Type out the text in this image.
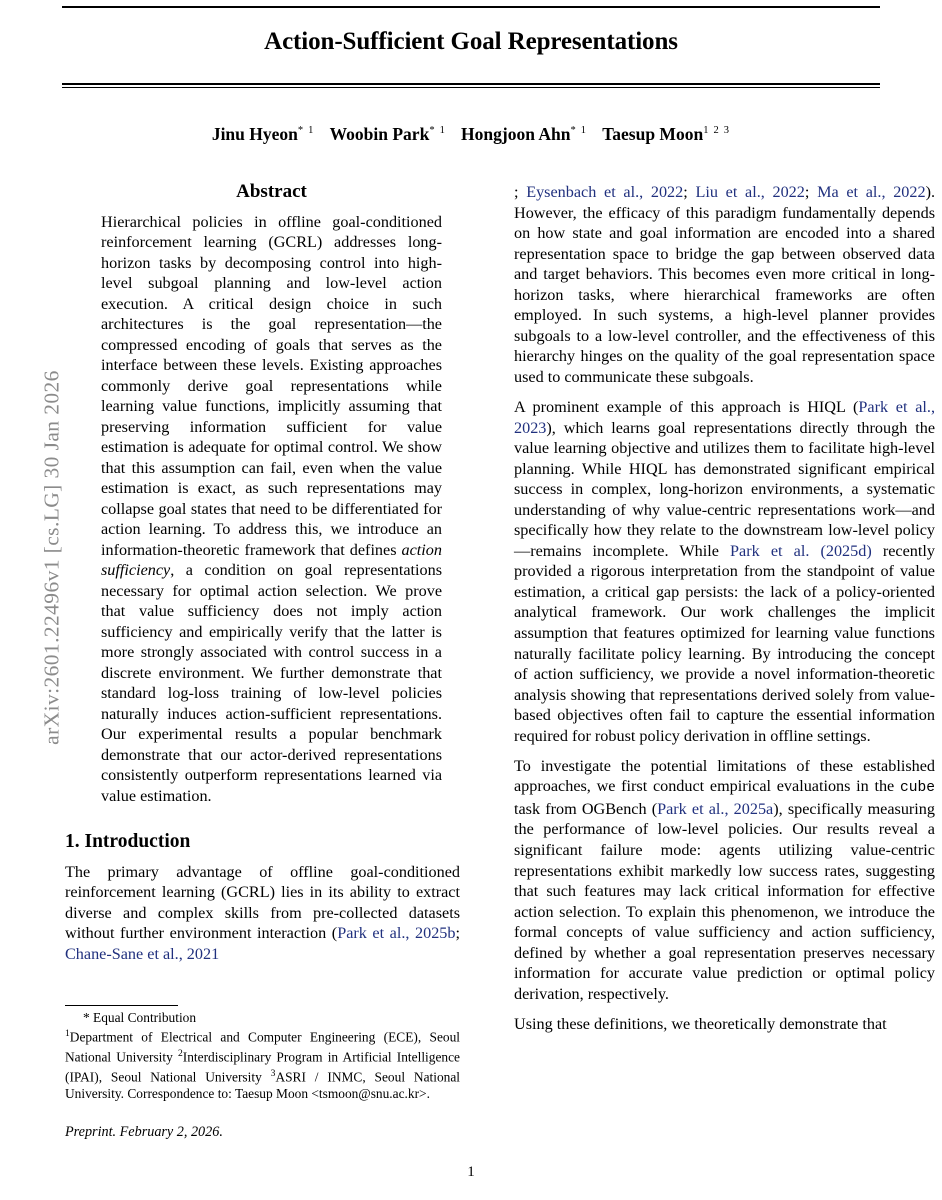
arXiv:2601.22496v1 [cs.LG] 30 Jan 2026
Action-Sufficient Goal Representations
Jinu Hyeon$^{* 1}$ Woobin Park$^{* 1}$ Hongjoon Ahn$^{* 1}$ Taesup Moon$^{1 2 3}$
Abstract

Hierarchical policies in offline goal-conditioned reinforcement learning (GCRL) addresses long-horizon tasks by decomposing control into high-level subgoal planning and low-level action execution. A critical design choice in such architectures is the goal representation—the compressed encoding of goals that serves as the interface between these levels. Existing approaches commonly derive goal representations while learning value functions, implicitly assuming that preserving information sufficient for value estimation is adequate for optimal control. We show that this assumption can fail, even when the value estimation is exact, as such representations may collapse goal states that need to be differentiated for action learning. To address this, we introduce an information-theoretic framework that defines action sufficiency, a condition on goal representations necessary for optimal action selection. We prove that value sufficiency does not imply action sufficiency and empirically verify that the latter is more strongly associated with control success in a discrete environment. We further demonstrate that standard log-loss training of low-level policies naturally induces action-sufficient representations. Our experimental results a popular benchmark demonstrate that our actor-derived representations consistently outperform representations learned via value estimation.

1. Introduction

The primary advantage of offline goal-conditioned reinforcement learning (GCRL) lies in its ability to extract diverse and complex skills from pre-collected datasets without further environment interaction (Park et al., 2025b; Chane-Sane et al., 2021

; Eysenbach et al., 2022; Liu et al., 2022; Ma et al., 2022). However, the efficacy of this paradigm fundamentally depends on how state and goal information are encoded into a shared representation space to bridge the gap between observed data and target behaviors. This becomes even more critical in long-horizon tasks, where hierarchical frameworks are often employed. In such systems, a high-level planner provides subgoals to a low-level controller, and the effectiveness of this hierarchy hinges on the quality of the goal representation space used to communicate these subgoals.

A prominent example of this approach is HIQL (Park et al., 2023), which learns goal representations directly through the value learning objective and utilizes them to facilitate high-level planning. While HIQL has demonstrated significant empirical success in complex, long-horizon environments, a systematic understanding of why value-centric representations work—and specifically how they relate to the downstream low-level policy—remains incomplete. While Park et al. (2025d) recently provided a rigorous interpretation from the standpoint of value estimation, a critical gap persists: the lack of a policy-oriented analytical framework. Our work challenges the implicit assumption that features optimized for learning value functions naturally facilitate policy learning. By introducing the concept of action sufficiency, we provide a novel information-theoretic analysis showing that representations derived solely from value-based objectives often fail to capture the essential information required for robust policy derivation in offline settings.

To investigate the potential limitations of these established approaches, we first conduct empirical evaluations in the cube task from OGBench (Park et al., 2025a), specifically measuring the performance of low-level policies. Our results reveal a significant failure mode: agents utilizing value-centric representations exhibit markedly low success rates, suggesting that such features may lack critical information for effective action selection. To explain this phenomenon, we introduce the formal concepts of value sufficiency and action sufficiency, defined by whether a goal representation preserves necessary information for accurate value prediction or optimal policy derivation, respectively.

Using these definitions, we theoretically demonstrate that

* Equal Contribution

$^1$Department of Electrical and Computer Engineering (ECE), Seoul National University $^2$Interdisciplinary Program in Artificial Intelligence (IPAI), Seoul National University $^3$ASRI / INMC, Seoul National University. Correspondence to: Taesup Moon <tsmoon@snu.ac.kr>.

Preprint. February 2, 2026.

1
